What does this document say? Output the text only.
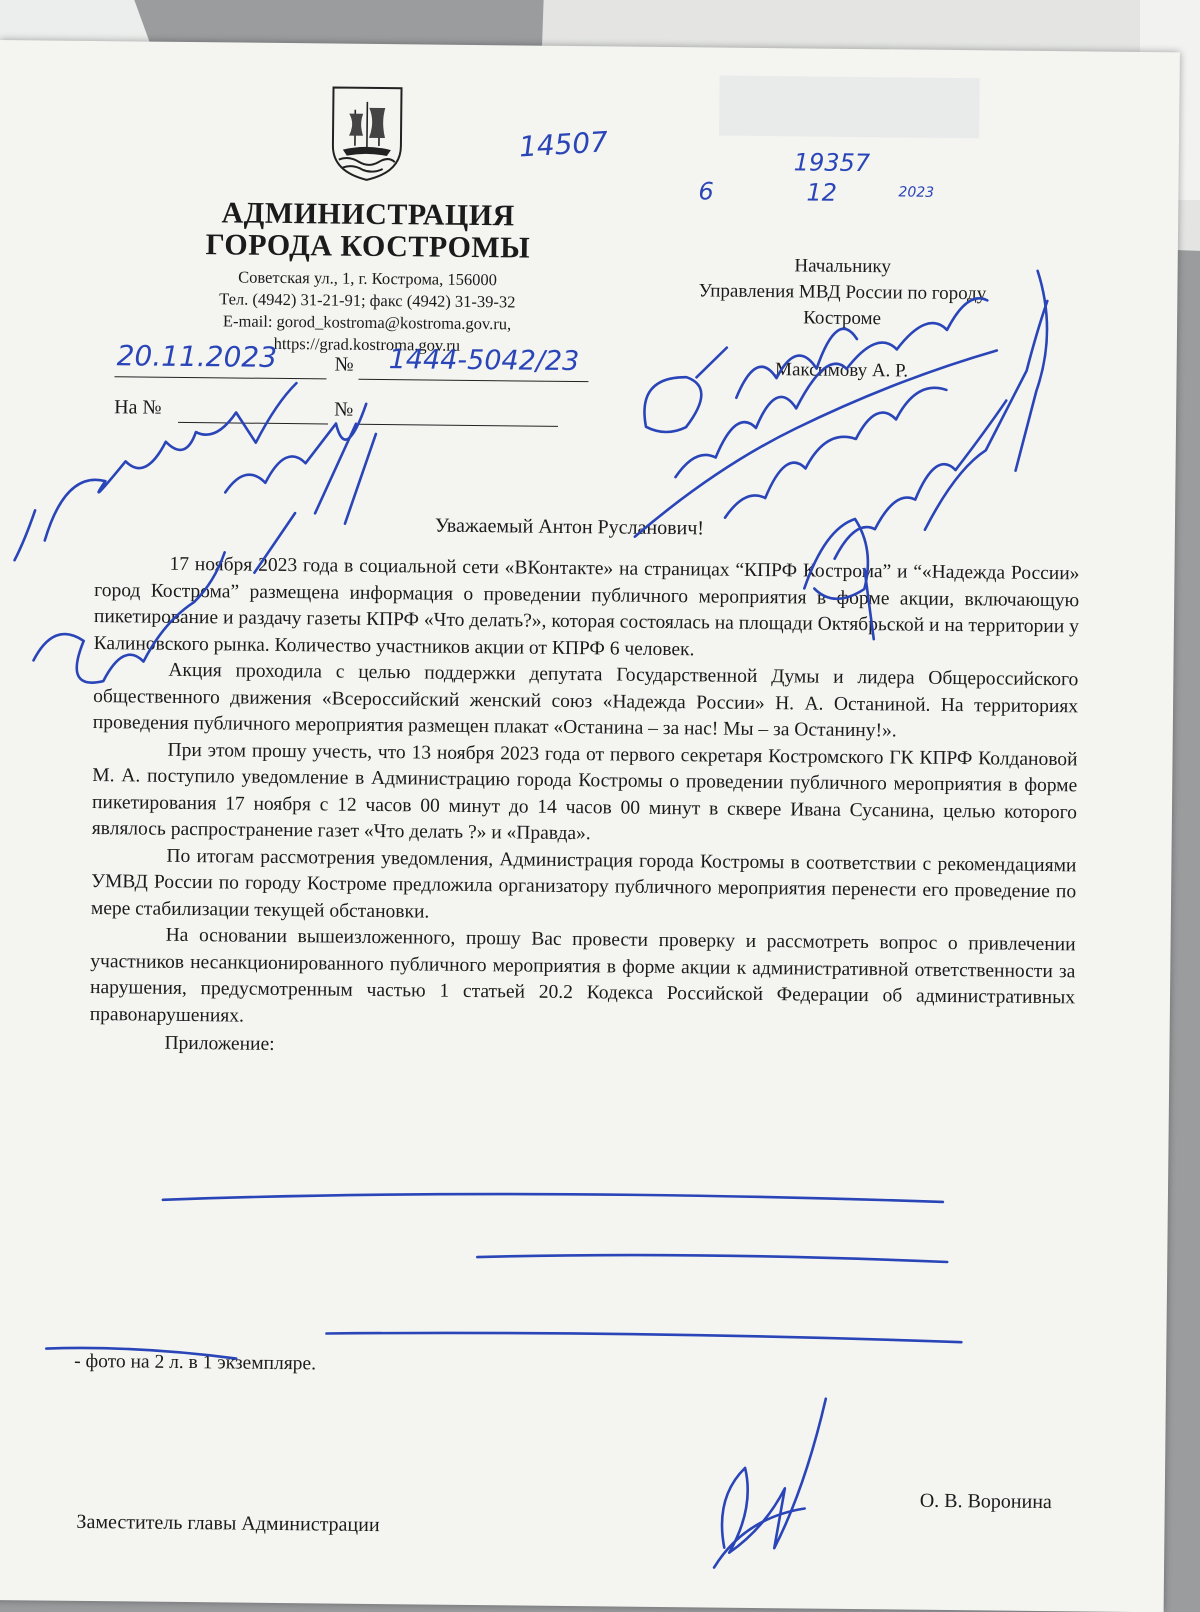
АДМИНИСТРАЦИЯ
ГОРОДА КОСТРОМЫ
Советская ул., 1, г. Кострома, 156000
Тел. (4942) 31-21-91; факс (4942) 31-39-32
E-mail: gorod_kostroma@kostroma.gov.ru,
https://grad.kostroma.gov.ru
20.11.2023	№ 1444-5042/23
На №	№
Начальнику
Управления МВД России по городу
Костроме
Максимову А. Р.
14507	19357
6	12	2023
Уважаемый Антон Русланович!

17 ноября 2023 года в социальной сети «ВКонтакте» на страницах “КПРФ Кострома” и “«Надежда России» город Кострома” размещена информация о проведении публичного мероприятия в форме акции, включающую пикетирование и раздачу газеты КПРФ «Что делать?», которая состоялась на площади Октябрьской и на территории у Калиновского рынка. Количество участников акции от КПРФ 6 человек.

Акция проходила с целью поддержки депутата Государственной Думы и лидера Общероссийского общественного движения «Всероссийский женский союз «Надежда России» Н. А. Останиной. На территориях проведения публичного мероприятия размещен плакат «Останина – за нас! Мы – за Останину!».

При этом прошу учесть, что 13 ноября 2023 года от первого секретаря Костромского ГК КПРФ Колдановой М. А. поступило уведомление в Администрацию города Костромы о проведении публичного мероприятия в форме пикетирования 17 ноября с 12 часов 00 минут до 14 часов 00 минут в сквере Ивана Сусанина, целью которого являлось распространение газет «Что делать ?» и «Правда».

По итогам рассмотрения уведомления, Администрация города Костромы в соответствии с рекомендациями УМВД России по городу Костроме предложила организатору публичного мероприятия перенести его проведение по мере стабилизации текущей обстановки.

На основании вышеизложенного, прошу Вас провести проверку и рассмотреть вопрос о привлечении участников несанкционированного публичного мероприятия в форме акции к административной ответственности за нарушения, предусмотренным частью 1 статьей 20.2 Кодекса Российской Федерации об административных правонарушениях.

Приложение:

- фото на 2 л. в 1 экземпляре.
Заместитель главы Администрации
О. В. Воронина
